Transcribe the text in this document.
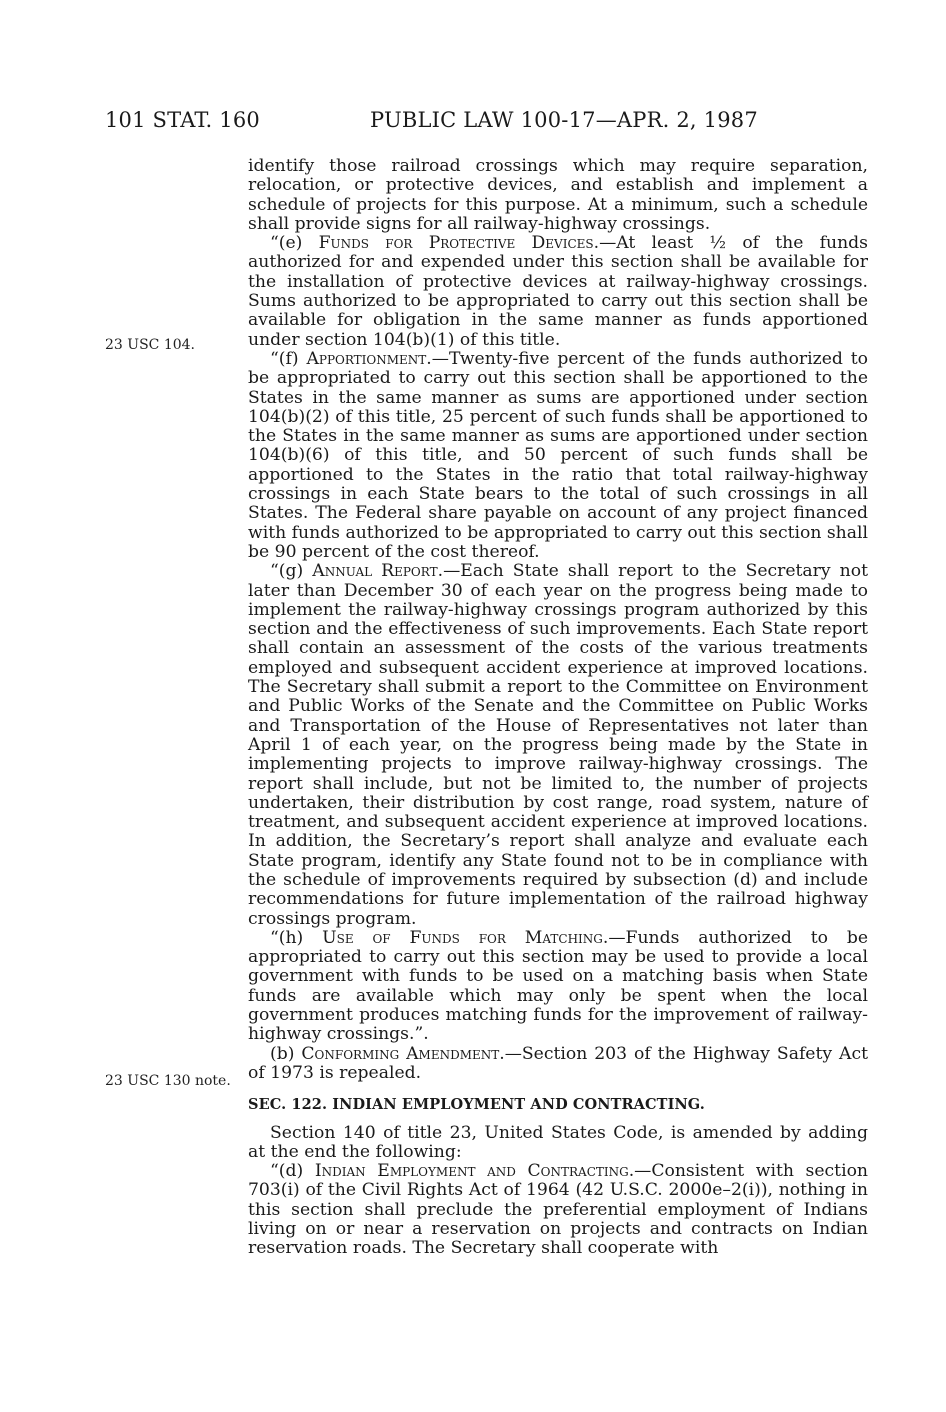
101 STAT. 160	PUBLIC LAW 100-17—APR. 2, 1987
23 USC 104.
23 USC 130 note.

identify those railroad crossings which may require separation, relocation, or protective devices, and establish and implement a schedule of projects for this purpose. At a minimum, such a schedule shall provide signs for all railway-highway crossings.

“(e) Funds for Protective Devices.—At least ½ of the funds authorized for and expended under this section shall be available for the installation of protective devices at railway-highway crossings. Sums authorized to be appropriated to carry out this section shall be available for obligation in the same manner as funds apportioned under section 104(b)(1) of this title.

“(f) Apportionment.—Twenty-five percent of the funds authorized to be appropriated to carry out this section shall be apportioned to the States in the same manner as sums are apportioned under section 104(b)(2) of this title, 25 percent of such funds shall be apportioned to the States in the same manner as sums are apportioned under section 104(b)(6) of this title, and 50 percent of such funds shall be apportioned to the States in the ratio that total railway-highway crossings in each State bears to the total of such crossings in all States. The Federal share payable on account of any project financed with funds authorized to be appropriated to carry out this section shall be 90 percent of the cost thereof.

“(g) Annual Report.—Each State shall report to the Secretary not later than December 30 of each year on the progress being made to implement the railway-highway crossings program authorized by this section and the effectiveness of such improvements. Each State report shall contain an assessment of the costs of the various treatments employed and subsequent accident experience at improved locations. The Secretary shall submit a report to the Committee on Environment and Public Works of the Senate and the Committee on Public Works and Transportation of the House of Representatives not later than April 1 of each year, on the progress being made by the State in implementing projects to improve railway-highway crossings. The report shall include, but not be limited to, the number of projects undertaken, their distribution by cost range, road system, nature of treatment, and subsequent accident experience at improved locations. In addition, the Secretary’s report shall analyze and evaluate each State program, identify any State found not to be in compliance with the schedule of improvements required by subsection (d) and include recommendations for future implementation of the railroad highway crossings program.

“(h) Use of Funds for Matching.—Funds authorized to be appropriated to carry out this section may be used to provide a local government with funds to be used on a matching basis when State funds are available which may only be spent when the local government produces matching funds for the improvement of railway-highway crossings.”.

(b) Conforming Amendment.—Section 203 of the Highway Safety Act of 1973 is repealed.

SEC. 122. INDIAN EMPLOYMENT AND CONTRACTING.

Section 140 of title 23, United States Code, is amended by adding at the end the following:

“(d) Indian Employment and Contracting.—Consistent with section 703(i) of the Civil Rights Act of 1964 (42 U.S.C. 2000e–2(i)), nothing in this section shall preclude the preferential employment of Indians living on or near a reservation on projects and contracts on Indian reservation roads. The Secretary shall cooperate with
